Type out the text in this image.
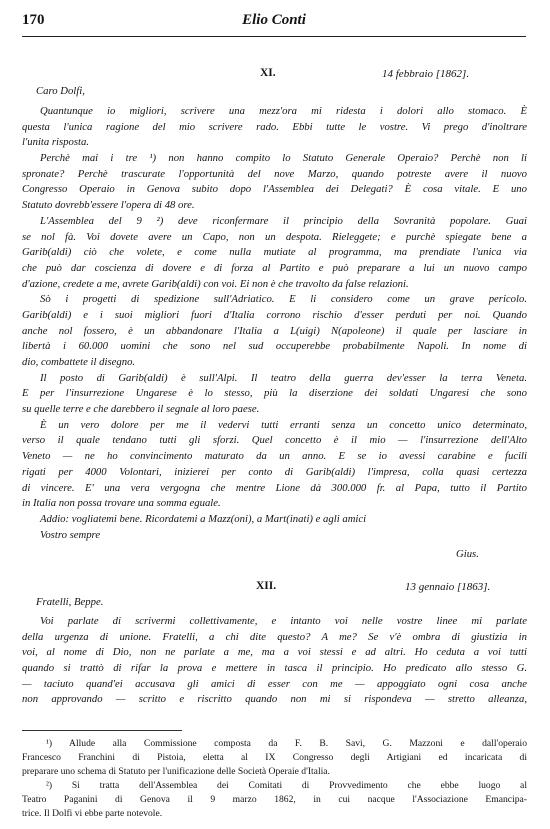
170	Elio Conti
XI.	14 febbraio [1862].
Caro Dolfi,
Quantunque io migliori, scrivere una mezz'ora mi ridesta i dolori allo stomaco. È
questa l'unica ragione del mio scrivere rado. Ebbi tutte le vostre. Vi prego d'inoltrare
l'unita risposta.
Perchè mai i tre ¹) non hanno compito lo Statuto Generale Operaio? Perchè non li
spronate? Perchè trascurate l'opportunità del nove Marzo, quando potreste avere il nuovo
Congresso Operaio in Genova subito dopo l'Assemblea dei Delegati? È cosa vitale. E uno
Statuto dovrebb'essere l'opera di 48 ore.
L'Assemblea del 9 ²) deve riconfermare il principio della Sovranità popolare. Guai
se nol fà. Voi dovete avere un Capo, non un despota. Rieleggete; e purchè spiegate bene a
Garib(aldi) ciò che volete, e come nulla mutiate al programma, ma prendiate l'unica via
che può dar coscienza di dovere e di forza al Partito e può preparare a lui un nuovo campo
d'azione, credete a me, avrete Garib(aldi) con voi. Ei non è che travolto da false relazioni.
Sò i progetti di spedizione sull'Adriatico. E li considero come un grave pericolo.
Garib(aldi) e i suoi migliori fuori d'Italia corrono rischio d'esser perduti per noi. Quando
anche nol fossero, è un abbandonare l'Italia a L(uigi) N(apoleone) il quale per lasciare in
libertà i 60.000 uomini che sono nel sud occuperebbe probabilmente Napoli. In nome di
dio, combattete il disegno.
Il posto di Garib(aldi) è sull'Alpi. Il teatro della guerra dev'esser la terra Veneta.
E per l'insurrezione Ungarese è lo stesso, più la diserzione dei soldati Ungaresi che sono
su quelle terre e che darebbero il segnale al loro paese.
È un vero dolore per me il vedervi tutti erranti senza un concetto unico determinato,
verso il quale tendano tutti gli sforzi. Quel concetto è il mio — l'insurrezione dell'Alto
Veneto — ne ho convincimento maturato da un anno. E se io avessi carabine e fucili
rigati per 4000 Volontari, inizierei per conto di Garib(aldi) l'impresa, colla quasi certezza
di vincere. E' una vera vergogna che mentre Lione dà 300.000 fr. al Papa, tutto il Partito
in Italia non possa trovare una somma eguale.
Addio: vogliatemi bene. Ricordatemi a Mazz(oni), a Mart(inati) e agli amici
Vostro sempre
Gius.
XII.	13 gennaio [1863].
Fratelli, Beppe.
Voi parlate di scrivermi collettivamente, e intanto voi nelle vostre linee mi parlate
della urgenza di unione. Fratelli, a chi dite questo? A me? Se v'è ombra di giustizia in
voi, al nome di Dio, non ne parlate a me, ma a voi stessi e ad altri. Ho ceduta a voi tutti
quando si trattò di rifar la prova e mettere in tasca il principio. Ho predicato allo stesso G.
— taciuto quand'ei accusava gli amici di esser con me — appoggiato ogni cosa anche
non approvando — scritto e riscritto quando non mi si rispondeva — stretto alleanza,
¹) Allude alla Commissione composta da F. B. Savi, G. Mazzoni e dall'operaio
Francesco Franchini di Pistoia, eletta al IX Congresso degli Artigiani ed incaricata di
preparare uno schema di Statuto per l'unificazione delle Società Operaie d'Italia.
²) Si tratta dell'Assemblea dei Comitati di Provvedimento che ebbe luogo al
Teatro Paganini di Genova il 9 marzo 1862, in cui nacque l'Associazione Emancipa-
trice. Il Dolfi vi ebbe parte notevole.
